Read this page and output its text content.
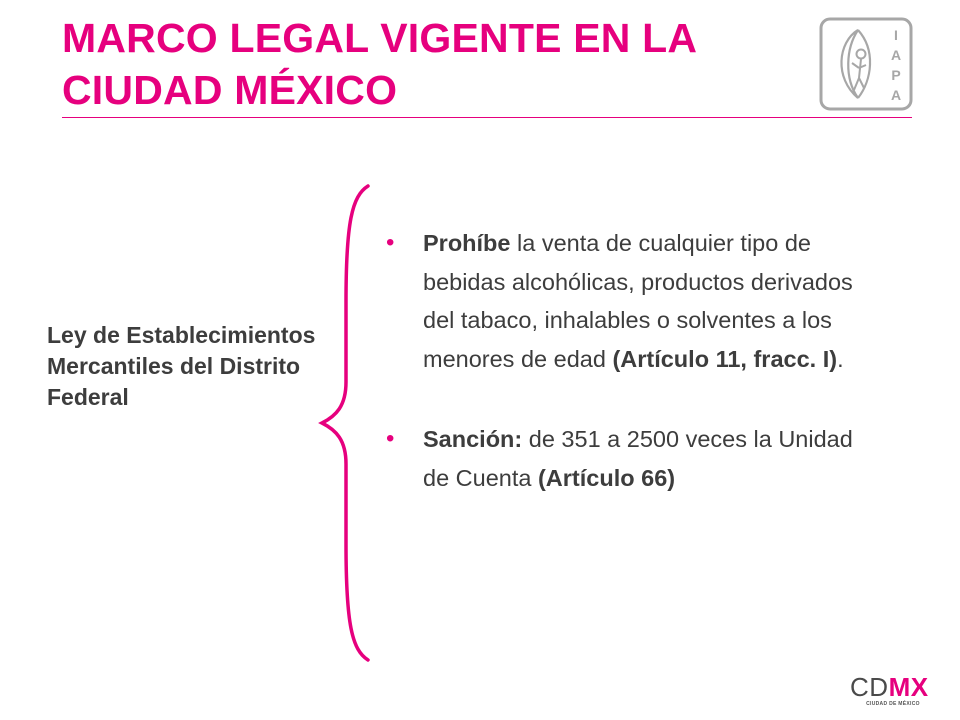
MARCO LEGAL VIGENTE EN LA CIUDAD MÉXICO
I
A
P
A

Ley de Establecimientos Mercantiles del Distrito Federal

• Prohíbe la venta de cualquier tipo de bebidas alcohólicas, productos derivados del tabaco, inhalables o solventes a los menores de edad (Artículo 11, fracc. I).
• Sanción: de 351 a 2500 veces la Unidad de Cuenta (Artículo 66)
CDMX
CIUDAD DE MÉXICO
